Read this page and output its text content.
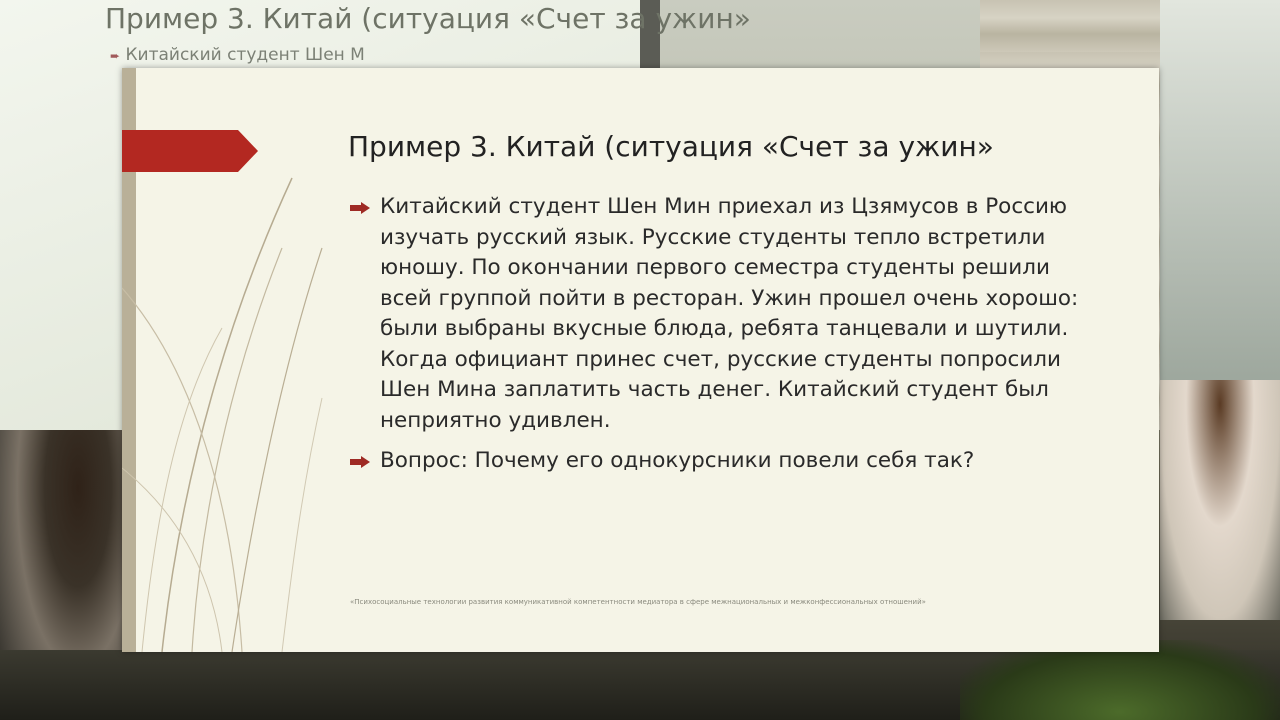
Пример 3. Китай (ситуация «Счет за ужин»
➨ Китайский студент Шен М
Пример 3. Китай (ситуация «Счет за ужин»
Китайский студент Шен Мин приехал из Цзямусов в Россию изучать русский язык. Русские студенты тепло встретили юношу. По окончании первого семестра студенты решили всей группой пойти в ресторан. Ужин прошел очень хорошо: были выбраны вкусные блюда, ребята танцевали и шутили. Когда официант принес счет, русские студенты попросили Шен Мина заплатить часть денег. Китайский студент был неприятно удивлен.
Вопрос: Почему его однокурсники повели себя так?
«Психосоциальные технологии развития коммуникативной компетентности медиатора в сфере межнациональных и межконфессиональных отношений»
